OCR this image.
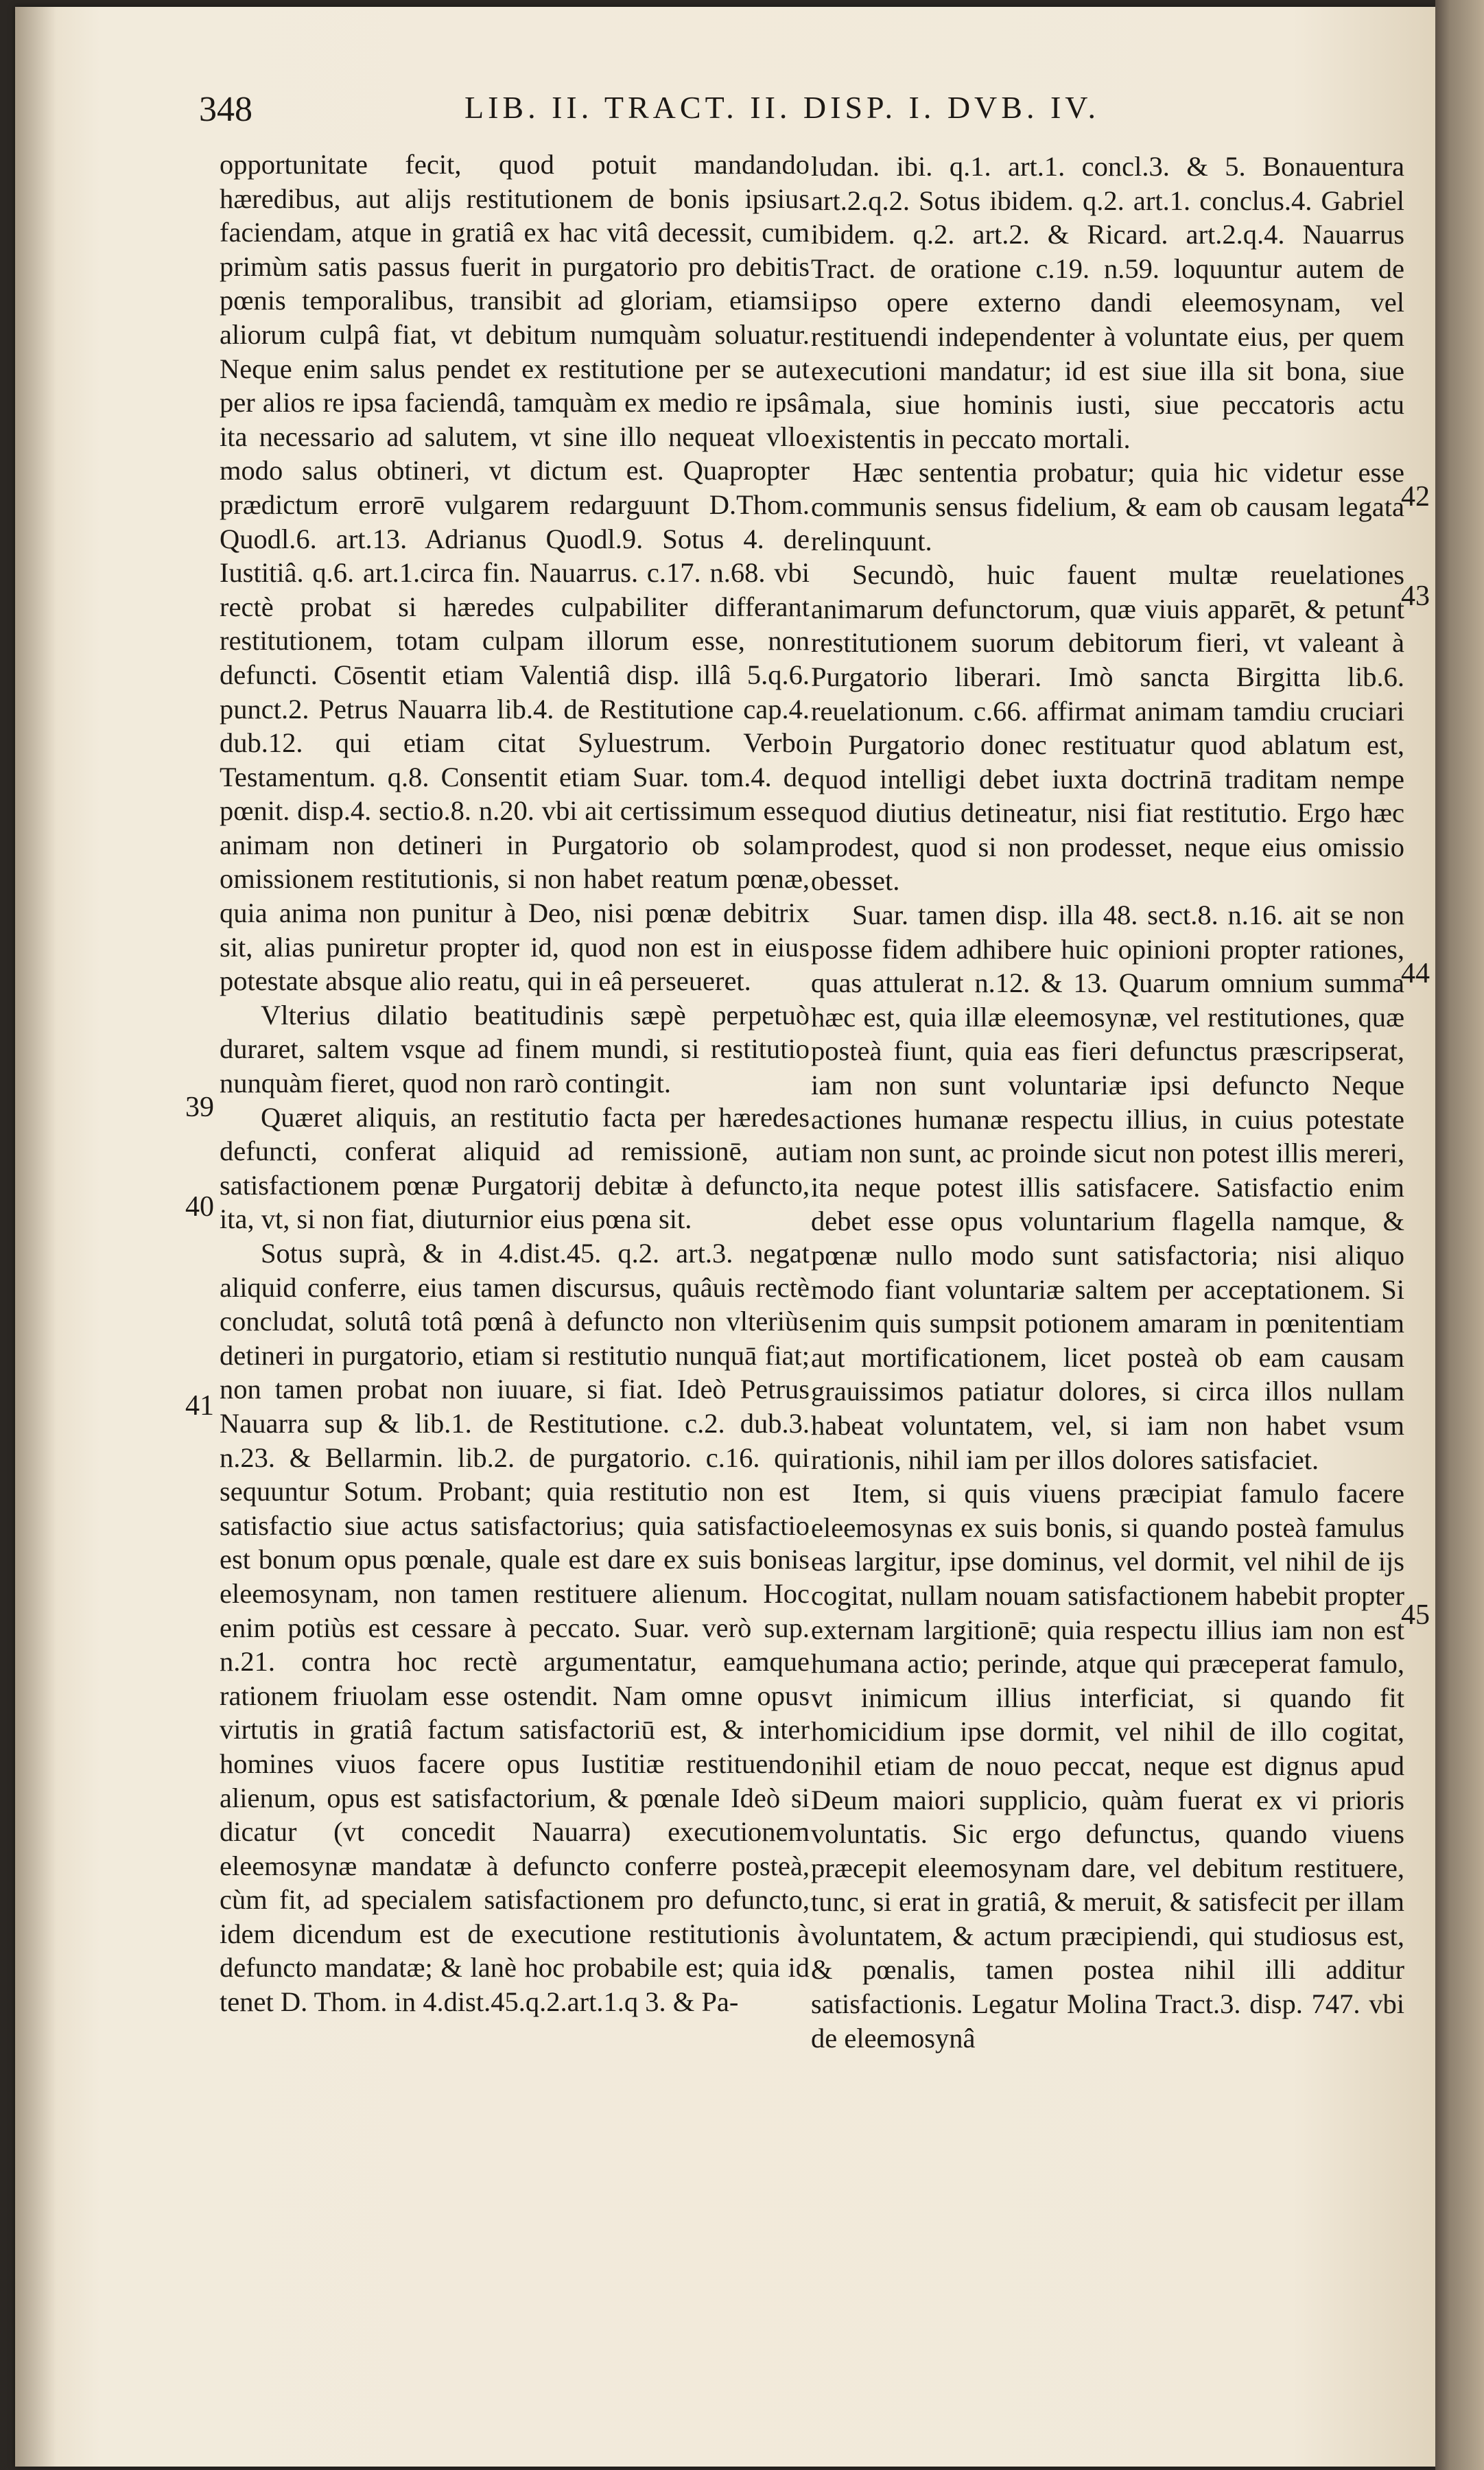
348	LIB. II. TRACT. II. DISP. I. DVB. IV.

opportunitate fecit, quod potuit mandando hæredibus, aut alijs restitutionem de bonis ipsius faciendam, atque in gratiâ ex hac vitâ decessit, cum primùm satis passus fuerit in purgatorio pro debitis pœnis temporalibus, transibit ad gloriam, etiamsi aliorum culpâ fiat, vt debitum numquàm soluatur. Neque enim salus pendet ex restitutione per se aut per alios re ipsa faciendâ, tamquàm ex medio re ipsâ ita necessario ad salutem, vt sine illo nequeat vllo modo salus obtineri, vt dictum est. Quapropter prædictum errorē vulgarem redarguunt D.Thom. Quodl.6. art.13. Adrianus Quodl.9. Sotus 4. de Iustitiâ. q.6. art.1.circa fin. Nauarrus. c.17. n.68. vbi rectè probat si hæredes culpabiliter differant restitutionem, totam culpam illorum esse, non defuncti. Cōsentit etiam Valentiâ disp. illâ 5.q.6. punct.2. Petrus Nauarra lib.4. de Restitutione cap.4. dub.12. qui etiam citat Syluestrum. Verbo Testamentum. q.8. Consentit etiam Suar. tom.4. de pœnit. disp.4. sectio.8. n.20. vbi ait certissimum esse animam non detineri in Purgatorio ob solam omissionem restitutionis, si non habet reatum pœnæ, quia anima non punitur à Deo, nisi pœnæ debitrix sit, alias puniretur propter id, quod non est in eius potestate absque alio reatu, qui in eâ perseueret.

Vlterius dilatio beatitudinis sæpè perpetuò duraret, saltem vsque ad finem mundi, si restitutio nunquàm fieret, quod non rarò contingit.

Quæret aliquis, an restitutio facta per hæredes defuncti, conferat aliquid ad remissionē, aut satisfactionem pœnæ Purgatorij debitæ à defuncto, ita, vt, si non fiat, diuturnior eius pœna sit.

Sotus suprà, & in 4.dist.45. q.2. art.3. negat aliquid conferre, eius tamen discursus, quâuis rectè concludat, solutâ totâ pœnâ à defuncto non vlteriùs detineri in purgatorio, etiam si restitutio nunquā fiat; non tamen probat non iuuare, si fiat. Ideò Petrus Nauarra sup & lib.1. de Restitutione. c.2. dub.3. n.23. & Bellarmin. lib.2. de purgatorio. c.16. qui sequuntur Sotum. Probant; quia restitutio non est satisfactio siue actus satisfactorius; quia satisfactio est bonum opus pœnale, quale est dare ex suis bonis eleemosynam, non tamen restituere alienum. Hoc enim potiùs est cessare à peccato. Suar. verò sup. n.21. contra hoc rectè argumentatur, eamque rationem friuolam esse ostendit. Nam omne opus virtutis in gratiâ factum satisfactoriū est, & inter homines viuos facere opus Iustitiæ restituendo alienum, opus est satisfactorium, & pœnale Ideò si dicatur (vt concedit Nauarra) executionem eleemosynæ mandatæ à defuncto conferre posteà, cùm fit, ad specialem satisfactionem pro defuncto, idem dicendum est de executione restitutionis à defuncto mandatæ; & lanè hoc probabile est; quia id tenet D. Thom. in 4.dist.45.q.2.art.1.q 3. & Pa-

ludan. ibi. q.1. art.1. concl.3. & 5. Bonauentura art.2.q.2. Sotus ibidem. q.2. art.1. conclus.4. Gabriel ibidem. q.2. art.2. & Ricard. art.2.q.4. Nauarrus Tract. de oratione c.19. n.59. loquuntur autem de ipso opere externo dandi eleemosynam, vel restituendi independenter à voluntate eius, per quem executioni mandatur; id est siue illa sit bona, siue mala, siue hominis iusti, siue peccatoris actu existentis in peccato mortali.

Hæc sententia probatur; quia hic videtur esse communis sensus fidelium, & eam ob causam legata relinquunt.

Secundò, huic fauent multæ reuelationes animarum defunctorum, quæ viuis apparēt, & petunt restitutionem suorum debitorum fieri, vt valeant à Purgatorio liberari. Imò sancta Birgitta lib.6. reuelationum. c.66. affirmat animam tamdiu cruciari in Purgatorio donec restituatur quod ablatum est, quod intelligi debet iuxta doctrinā traditam nempe quod diutius detineatur, nisi fiat restitutio. Ergo hæc prodest, quod si non prodesset, neque eius omissio obesset.

Suar. tamen disp. illa 48. sect.8. n.16. ait se non posse fidem adhibere huic opinioni propter rationes, quas attulerat n.12. & 13. Quarum omnium summa hæc est, quia illæ eleemosynæ, vel restitutiones, quæ posteà fiunt, quia eas fieri defunctus præscripserat, iam non sunt voluntariæ ipsi defuncto Neque actiones humanæ respectu illius, in cuius potestate iam non sunt, ac proinde sicut non potest illis mereri, ita neque potest illis satisfacere. Satisfactio enim debet esse opus voluntarium flagella namque, & pœnæ nullo modo sunt satisfactoria; nisi aliquo modo fiant voluntariæ saltem per acceptationem. Si enim quis sumpsit potionem amaram in pœnitentiam aut mortificationem, licet posteà ob eam causam grauissimos patiatur dolores, si circa illos nullam habeat voluntatem, vel, si iam non habet vsum rationis, nihil iam per illos dolores satisfaciet.

Item, si quis viuens præcipiat famulo facere eleemosynas ex suis bonis, si quando posteà famulus eas largitur, ipse dominus, vel dormit, vel nihil de ijs cogitat, nullam nouam satisfactionem habebit propter externam largitionē; quia respectu illius iam non est humana actio; perinde, atque qui præceperat famulo, vt inimicum illius interficiat, si quando fit homicidium ipse dormit, vel nihil de illo cogitat, nihil etiam de nouo peccat, neque est dignus apud Deum maiori supplicio, quàm fuerat ex vi prioris voluntatis. Sic ergo defunctus, quando viuens præcepit eleemosynam dare, vel debitum restituere, tunc, si erat in gratiâ, & meruit, & satisfecit per illam voluntatem, & actum præcipiendi, qui studiosus est, & pœnalis, tamen postea nihil illi additur satisfactionis. Legatur Molina Tract.3. disp. 747. vbi de eleemosynâ

39
40
41
42
43
44
45
